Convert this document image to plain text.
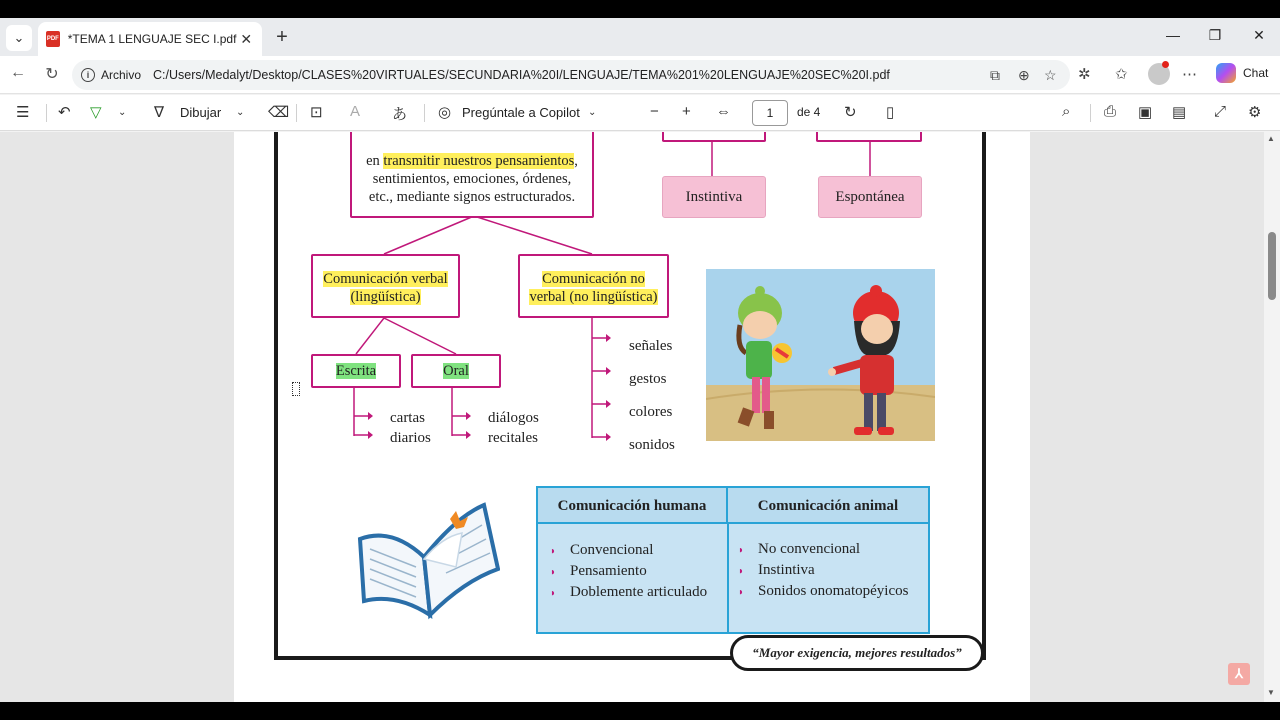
⌄	PDF *TEMA 1 LENGUAJE SEC I.pdf ✕	+	—	❐	✕
←	↻	i Archivo C:/Users/Medalyt/Desktop/CLASES%20VIRTUALES/SECUNDARIA%20I/LENGUAJE/TEMA%201%20LENGUAJE%20SEC%20I.pdf	⧉ ⊕ ☆ ✲ ✩	⋯	Chat
☰ ↶ ▽ ⌄ ∇ Dibujar ⌄ ⌫ ⊡ A あ ◎ Pregúntale a Copilot ⌄	− + ⇔	1	de 4 ↻ ▯	⌕ ⎙ ▣ ▤ ⤢ ⚙
en transmitir nuestros pensamientos,
sentimientos, emociones, órdenes,
etc., mediante signos estructurados.	Instintiva	Espontánea
Comunicación verbal
(lingüística)
Comunicación no
verbal (no lingüística)
Escrita	Oral
cartas
diarios
diálogos
recitales
señales
gestos
colores
sonidos
Comunicación humana	Comunicación animal
◗ Convencional
◗ Pensamiento
◗ Doblemente articulado
◗ No convencional
◗ Instintiva
◗ Sonidos onomatopéyicos
“Mayor exigencia, mejores resultados”
▲
▼
⅄
